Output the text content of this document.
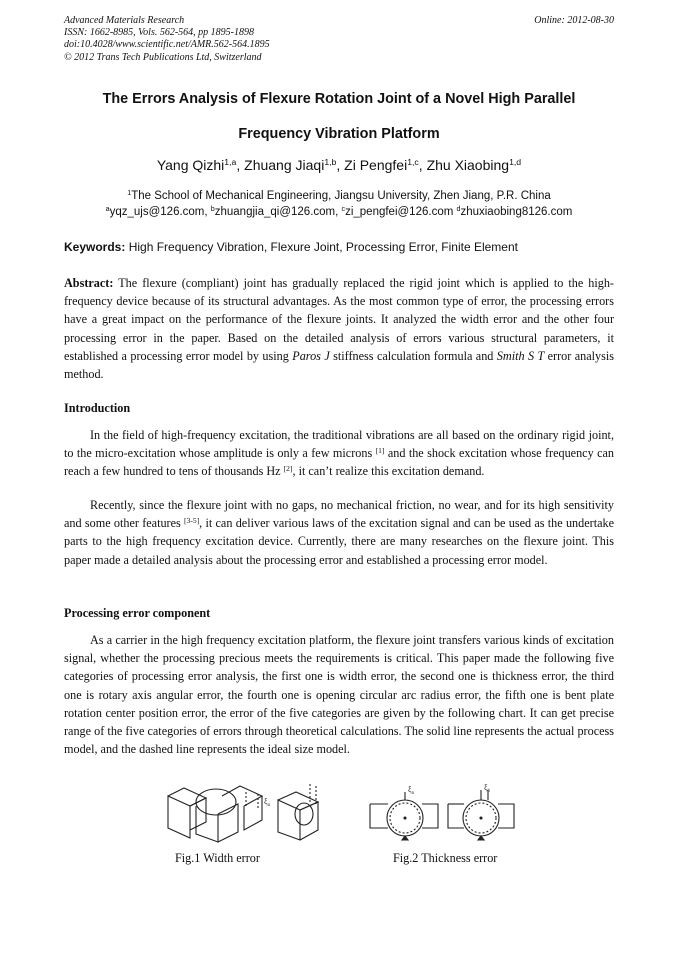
Advanced Materials Research
ISSN: 1662-8985, Vols. 562-564, pp 1895-1898
doi:10.4028/www.scientific.net/AMR.562-564.1895
© 2012 Trans Tech Publications Ltd, Switzerland
Online: 2012-08-30
The Errors Analysis of Flexure Rotation Joint of a Novel High Parallel
Frequency Vibration Platform
Yang Qizhi$^{1,a}$, Zhuang Jiaqi$^{1,b}$, Zi Pengfei$^{1,c}$, Zhu Xiaobing$^{1,d}$
$^1$The School of Mechanical Engineering, Jiangsu University, Zhen Jiang, P.R. China
$^a$yqz_ujs@126.com, $^b$zhuangjia_qi@126.com, $^c$zi_pengfei@126.com $^d$zhuxiaobing8126.com
Keywords: High Frequency Vibration, Flexure Joint, Processing Error, Finite Element
Abstract: The flexure (compliant) joint has gradually replaced the rigid joint which is applied to the high-frequency device because of its structural advantages. As the most common type of error, the processing errors have a great impact on the performance of the flexure joints. It analyzed the width error and the other four processing error in the paper. Based on the detailed analysis of errors various structural parameters, it established a processing error model by using Paros J stiffness calculation formula and Smith S T error analysis method.
Introduction
In the field of high-frequency excitation, the traditional vibrations are all based on the ordinary rigid joint, to the micro-excitation whose amplitude is only a few microns [1] and the shock excitation whose frequency can reach a few hundred to tens of thousands Hz [2], it can’t realize this excitation demand.
Recently, since the flexure joint with no gaps, no mechanical friction, no wear, and for its high sensitivity and some other features [3-5], it can deliver various laws of the excitation signal and can be used as the undertake parts to the high frequency excitation device. Currently, there are many researches on the flexure joint. This paper made a detailed analysis about the processing error and established a processing error model.
Processing error component
As a carrier in the high frequency excitation platform, the flexure joint transfers various kinds of excitation signal, whether the processing precious meets the requirements is critical. This paper made the following five categories of processing error analysis, the first one is width error, the second one is thickness error, the third one is rotary axis angular error, the fourth one is opening circular arc radius error, the fifth one is bent plate rotation center position error, the error of the five categories are given by the following chart. It can get precise range of the five categories of errors through theoretical calculations. The solid line represents the actual process model, and the dashed line represents the ideal size model.
$\xi_a$
$\xi_a$
$\xi_b$
Fig.1 Width error	Fig.2 Thickness error
